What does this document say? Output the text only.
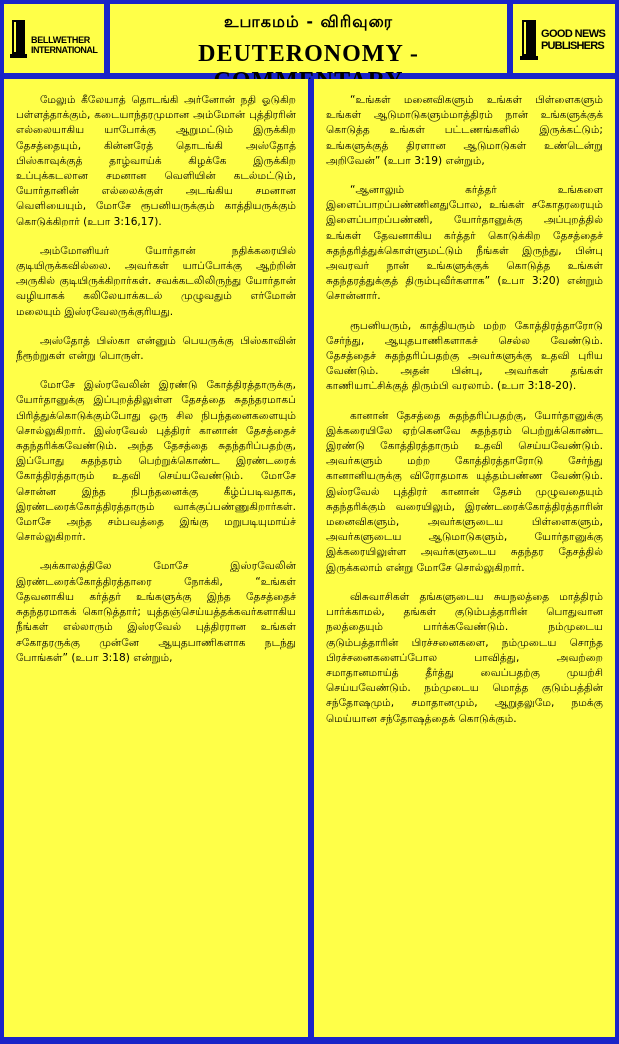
BELLWETHER
INTERNATIONAL
உபாகமம் - விரிவுரை
DEUTERONOMY -
GOOD NEWS
PUBLISHERS

மேலும் கீலேயாத் தொடங்கி அர்னோன் நதி ஓடுகிற பள்ளத்தாக்கும், கடையாந்தரமுமான அம்மோன் புத்திரரின் எல்லையாகிய யாபோக்கு ஆறுமட்டும் இருக்கிற தேசத்தையும், கின்னரேத் தொடங்கி அஸ்தோத் பிஸ்காவுக்குத் தாழ்வாய்க் கிழக்கே இருக்கிற உப்புக்கடலான சமனான வெளியின் கடல்மட்டும், யோர்தானின் எல்லைக்குள் அடங்கிய சமனான வெளியையும், மோசே ரூபனியருக்கும் காத்தியருக்கும் கொடுக்கிறார் (உபா 3:16,17).

அம்மோனியர் யோர்தான் நதிக்கரையில் குடியிருக்கவில்லை. அவர்கள் யாப்போக்கு ஆற்றின் அருகில் குடியிருக்கிறார்கள். சவக்கடலிலிருந்து யோர்தான் வழியாகக் கலிலேயாக்கடல் முழுவதும் எர்மோன் மலையும் இஸ்ரவேலருக்குரியது.

அஸ்தோத் பிஸ்கா என்னும் பெயருக்கு பிஸ்காவின் நீரூற்றுகள் என்று பொருள்.

மோசே இஸ்ரவேலின் இரண்டு கோத்திரத்தாருக்கு, யோர்தானுக்கு இப்புறத்திலுள்ள தேசத்தை சுதந்தரமாகப் பிரித்துக்கொடுக்கும்போது ஒரு சில நிபந்தனைகளையும் சொல்லுகிறார். இஸ்ரவேல் புத்திரர் கானான் தேசத்தைச் சுதந்தரிக்கவேண்டும். அந்த தேசத்தை சுதந்தரிப்பதற்கு, இப்போது சுதந்தரம் பெற்றுக்கொண்ட இரண்டரைக் கோத்திரத்தாரும் உதவி செய்யவேண்டும். மோசே சொன்ன இந்த நிபந்தனைக்கு கீழ்ப்படிவதாக, இரண்டரைக்கோத்திரத்தாரும் வாக்குப்பண்ணுகிறார்கள். மோசே அந்த சம்பவத்தை இங்கு மறுபடியுமாய்ச் சொல்லுகிறார்.

அக்காலத்திலே மோசே இஸ்ரவேலின் இரண்டரைக்கோத்திரத்தாரை நோக்கி, “உங்கள் தேவனாகிய கர்த்தர் உங்களுக்கு இந்த தேசத்தைச் சுதந்தரமாகக் கொடுத்தார்; யுத்தஞ்செய்யத்தக்கவர்களாகிய நீங்கள் எல்லாரும் இஸ்ரவேல் புத்திரரான உங்கள் சகோதரருக்கு முன்னே ஆயுதபாணிகளாக நடந்து போங்கள்” (உபா 3:18) என்றும்,

“உங்கள் மனைவிகளும் உங்கள் பிள்ளைகளும் உங்கள் ஆடுமாடுகளும்மாத்திரம் நான் உங்களுக்குக் கொடுத்த உங்கள் பட்டணங்களில் இருக்கட்டும்; உங்களுக்குத் திரளான ஆடுமாடுகள் உண்டென்று அறிவேன்” (உபா 3:19) என்றும்,

“ஆனாலும் கர்த்தர் உங்களை இளைப்பாறப்பண்ணினதுபோல, உங்கள் சகோதரரையும் இளைப்பாறப்பண்ணி, யோர்தானுக்கு அப்புறத்தில் உங்கள் தேவனாகிய கர்த்தர் கொடுக்கிற தேசத்தைச் சுதந்தரித்துக்கொள்ளுமட்டும் நீங்கள் இருந்து, பின்பு அவரவர் நான் உங்களுக்குக் கொடுத்த உங்கள் சுதந்தரத்துக்குத் திரும்புவீர்களாக” (உபா 3:20) என்றும் சொன்னார்.

ரூபனியரும், காத்தியரும் மற்ற கோத்திரத்தாரோடு சேர்ந்து, ஆயுதபாணிகளாகச் செல்ல வேண்டும். தேசத்தைச் சுதந்தரிப்பதற்கு அவர்களுக்கு உதவி புரிய வேண்டும். அதன் பின்பு, அவர்கள் தங்கள் காணியாட்சிக்குத் திரும்பி வரலாம். (உபா 3:18-20).

கானான் தேசத்தை சுதந்தரிப்பதற்கு, யோர்தானுக்கு இக்கரையிலே ஏற்கெனவே சுதந்தரம் பெற்றுக்கொண்ட இரண்டு கோத்திரத்தாரும் உதவி செய்யவேண்டும். அவர்களும் மற்ற கோத்திரத்தாரோடு சேர்ந்து கானானியருக்கு விரோதமாக யுத்தம்பண்ண வேண்டும். இஸ்ரவேல் புத்திரர் கானான் தேசம் முழுவதையும் சுதந்தரிக்கும் வரையிலும், இரண்டரைக்கோத்திரத்தாரின் மனைவிகளும், அவர்களுடைய பிள்ளைகளும், அவர்களுடைய ஆடுமாடுகளும், யோர்தானுக்கு இக்கரையிலுள்ள அவர்களுடைய சுதந்தர தேசத்தில் இருக்கலாம் என்று மோசே சொல்லுகிறார்.

விசுவாசிகள் தங்களுடைய சுயநலத்தை மாத்திரம் பார்க்காமல், தங்கள் குடும்பத்தாரின் பொதுவான நலத்தையும் பார்க்கவேண்டும். நம்முடைய குடும்பத்தாரின் பிரச்சனைகளை, நம்முடைய சொந்த பிரச்சனைகளைப்போல பாவித்து, அவற்றை சமாதானமாய்த் தீர்த்து வைப்பதற்கு முயற்சி செய்யவேண்டும். நம்முடைய மொத்த குடும்பத்தின் சந்தோஷமும், சமாதானமும், ஆறுதலுமே, நமக்கு மெய்யான சந்தோஷத்தைக் கொடுக்கும்.
